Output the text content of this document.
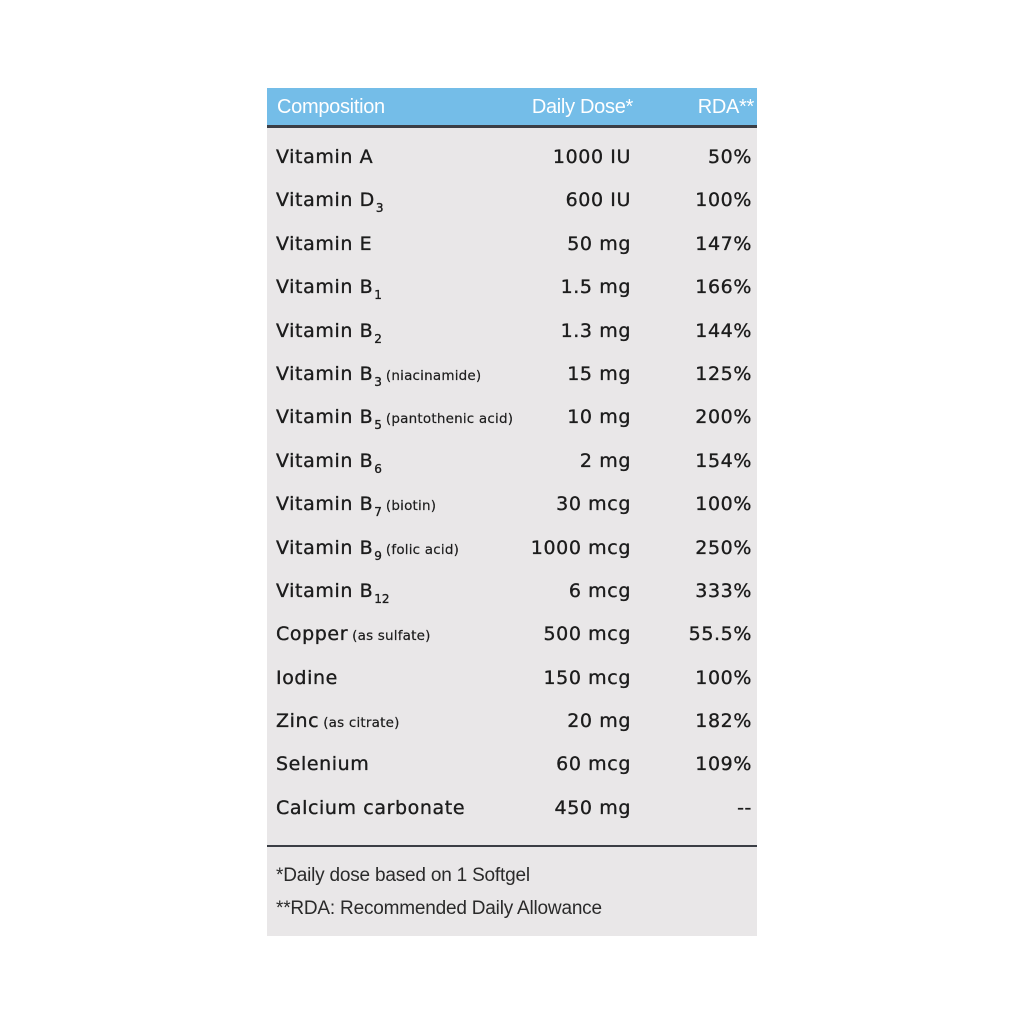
Composition	Daily Dose*	RDA**
Vitamin A	1000 IU	50%
Vitamin $D_3$	600 IU	100%
Vitamin E	50 mg	147%
Vitamin $B_1$	1.5 mg	166%
Vitamin $B_2$	1.3 mg	144%
Vitamin $B_3$ (niacinamide)	15 mg	125%
Vitamin $B_5$ (pantothenic acid)	10 mg	200%
Vitamin $B_6$	2 mg	154%
Vitamin $B_7$ (biotin)	30 mcg	100%
Vitamin $B_9$ (folic acid)	1000 mcg	250%
Vitamin $B_{12}$	6 mcg	333%
Copper (as sulfate)	500 mcg	55.5%
Iodine	150 mcg	100%
Zinc (as citrate)	20 mg	182%
Selenium	60 mcg	109%
Calcium carbonate	450 mg	--
*Daily dose based on 1 Softgel
**RDA: Recommended Daily Allowance
